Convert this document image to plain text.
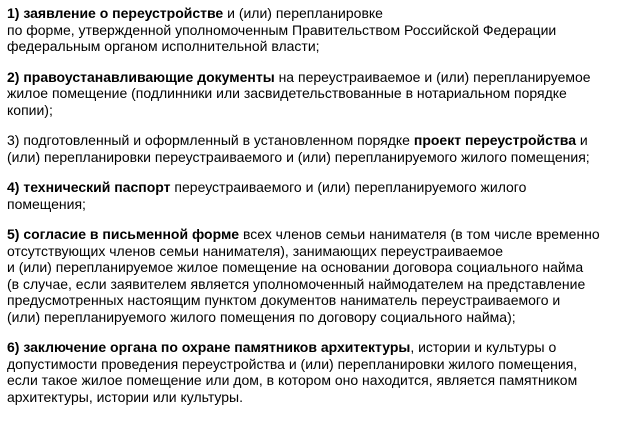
1) заявление о переустройстве и (или) перепланировке
по форме, утвержденной уполномоченным Правительством Российской Федерации
федеральным органом исполнительной власти;
2) правоустанавливающие документы на переустраиваемое и (или) перепланируемое
жилое помещение (подлинники или засвидетельствованные в нотариальном порядке
копии);
3) подготовленный и оформленный в установленном порядке проект переустройства и
(или) перепланировки переустраиваемого и (или) перепланируемого жилого помещения;
4) технический паспорт переустраиваемого и (или) перепланируемого жилого
помещения;
5) согласие в письменной форме всех членов семьи нанимателя (в том числе временно
отсутствующих членов семьи нанимателя), занимающих переустраиваемое
и (или) перепланируемое жилое помещение на основании договора социального найма
(в случае, если заявителем является уполномоченный наймодателем на представление
предусмотренных настоящим пунктом документов наниматель переустраиваемого и
(или) перепланируемого жилого помещения по договору социального найма);
6) заключение органа по охране памятников архитектуры, истории и культуры о
допустимости проведения переустройства и (или) перепланировки жилого помещения,
если такое жилое помещение или дом, в котором оно находится, является памятником
архитектуры, истории или культуры.
